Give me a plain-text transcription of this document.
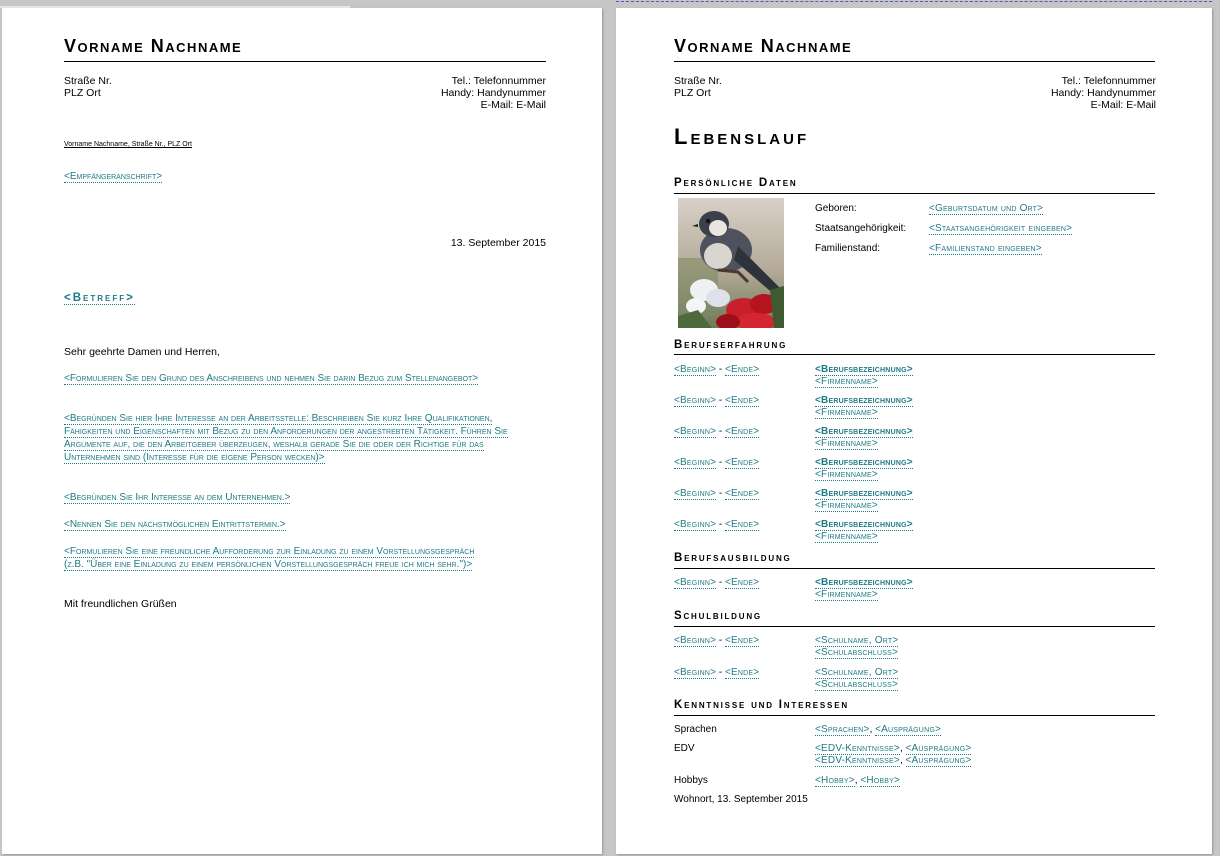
Vorname Nachname
Straße Nr.
PLZ Ort
Tel.: Telefonnummer
Handy: Handynummer
E-Mail: E-Mail
Vorname Nachname, Straße Nr., PLZ Ort
<Empfängeranschrift>
13. September 2015
<Betreff>
Sehr geehrte Damen und Herren,
<Formulieren Sie den Grund des Anschreibens und nehmen Sie darin Bezug zum Stellenangebot>
<Begründen Sie hier Ihre Interesse an der Arbeitsstelle: Beschreiben Sie kurz Ihre Qualifikationen, Fähigkeiten und Eigenschaften mit Bezug zu den Anforderungen der angestrebten Tätigkeit. Führen Sie Argumente auf, die den Arbeitgeber überzeugen, weshalb gerade Sie die oder der Richtige für das Unternehmen sind (Interesse für die eigene Person wecken)>
<Begründen Sie Ihr Interesse an dem Unternehmen.>
<Nennen Sie den nächstmöglichen Eintrittstermin.>
<Formulieren Sie eine freundliche Aufforderung zur Einladung zu einem Vorstellungsgespräch (z.B. "Über eine Einladung zu einem persönlichen Vorstellungsgespräch freue ich mich sehr.")>
Mit freundlichen Grüßen
Vorname Nachname
Straße Nr.
PLZ Ort
Tel.: Telefonnummer
Handy: Handynummer
E-Mail: E-Mail
Lebenslauf
Persönliche Daten
Geboren:	<Geburtsdatum und Ort>
Staatsangehörigkeit: <Staatsangehörigkeit eingeben>
Familienstand:	<Familienstand eingeben>
Berufserfahrung
<Beginn> - <Ende>	<Berufsbezeichnung>
<Firmenname>
<Beginn> - <Ende>	<Berufsbezeichnung>
<Firmenname>
<Beginn> - <Ende>	<Berufsbezeichnung>
<Firmenname>
<Beginn> - <Ende>	<Berufsbezeichnung>
<Firmenname>
<Beginn> - <Ende>	<Berufsbezeichnung>
<Firmenname>
<Beginn> - <Ende>	<Berufsbezeichnung>
<Firmenname>
Berufsausbildung
<Beginn> - <Ende>	<Berufsbezeichnung>
<Firmenname>
Schulbildung
<Beginn> - <Ende>	<Schulname, Ort>
<Schulabschluss>
<Beginn> - <Ende>	<Schulname, Ort>
<Schulabschluss>
Kenntnisse und Interessen
Sprachen	<Sprachen>, <Ausprägung>
EDV	<EDV-Kenntnisse>, <Ausprägung>
<EDV-Kenntnisse>, <Ausprägung>
Hobbys	<Hobby>, <Hobby>
Wohnort, 13. September 2015
